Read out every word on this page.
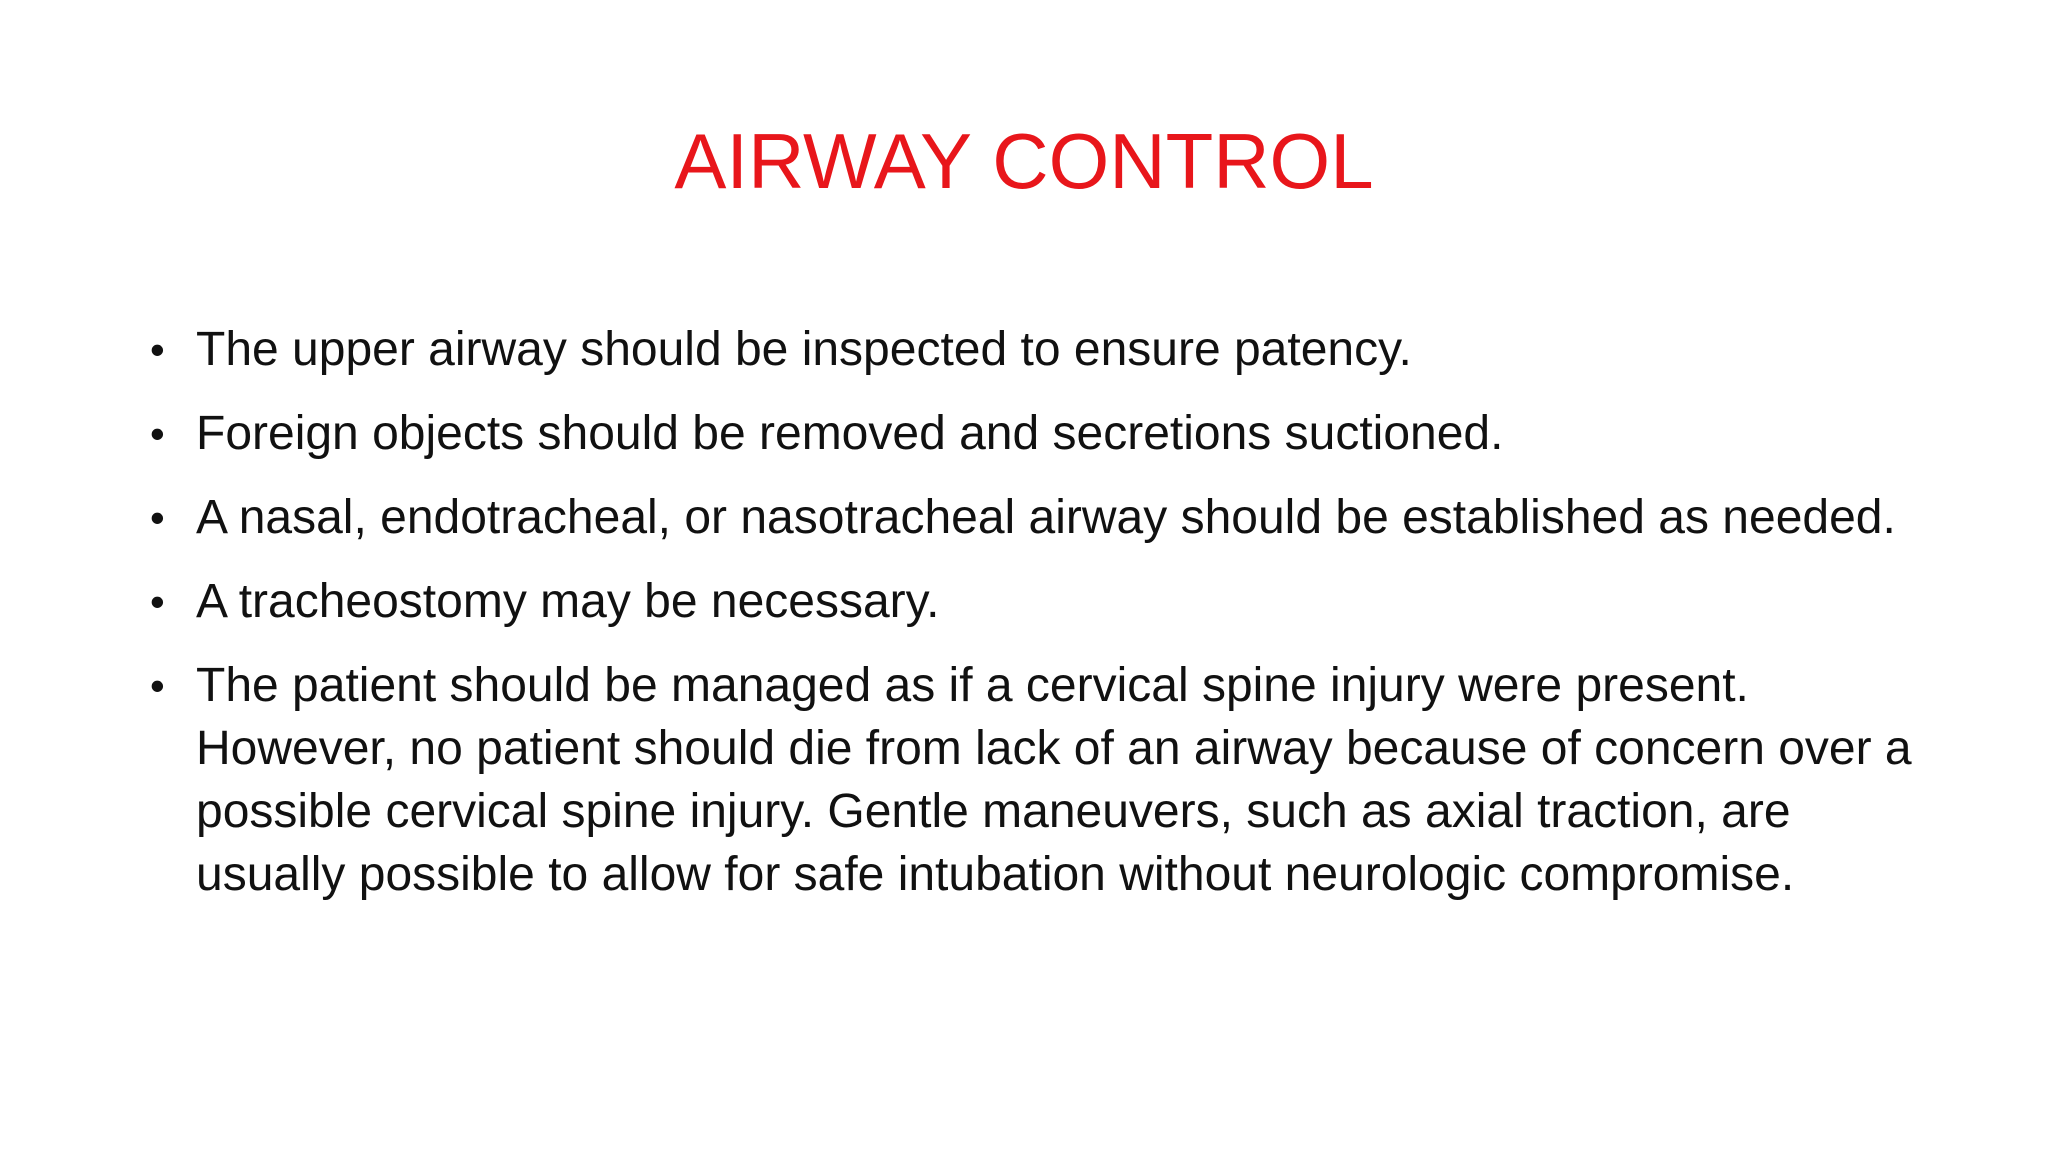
AIRWAY CONTROL
• The upper airway should be inspected to ensure patency.
• Foreign objects should be removed and secretions suctioned.
• A nasal, endotracheal, or nasotracheal airway should be established as needed.
• A tracheostomy may be necessary.
• The patient should be managed as if a cervical spine injury were present. However, no patient should die from lack of an airway because of concern over a possible cervical spine injury. Gentle maneuvers, such as axial traction, are usually possible to allow for safe intubation without neurologic compromise.
